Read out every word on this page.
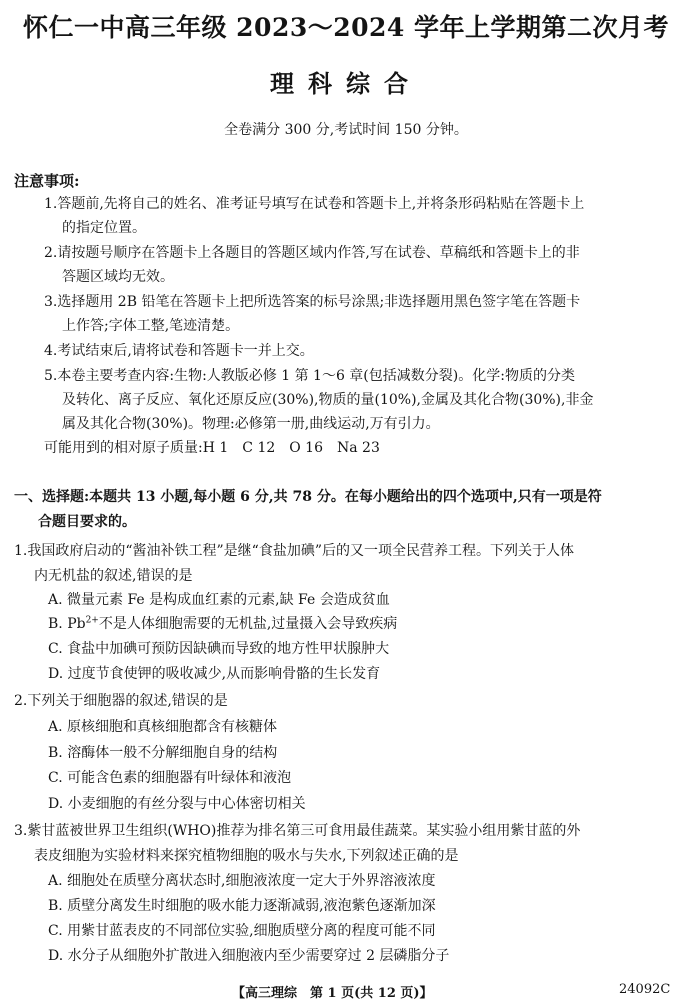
怀仁一中高三年级 2023～2024 学年上学期第二次月考
理科综合
全卷满分 300 分,考试时间 150 分钟。
注意事项:
1.答题前,先将自己的姓名、准考证号填写在试卷和答题卡上,并将条形码粘贴在答题卡上
的指定位置。
2.请按题号顺序在答题卡上各题目的答题区域内作答,写在试卷、草稿纸和答题卡上的非
答题区域均无效。
3.选择题用 2B 铅笔在答题卡上把所选答案的标号涂黑;非选择题用黑色签字笔在答题卡
上作答;字体工整,笔迹清楚。
4.考试结束后,请将试卷和答题卡一并上交。
5.本卷主要考查内容:生物:人教版必修 1 第 1～6 章(包括减数分裂)。化学:物质的分类
及转化、离子反应、氧化还原反应(30%),物质的量(10%),金属及其化合物(30%),非金
属及其化合物(30%)。物理:必修第一册,曲线运动,万有引力。
可能用到的相对原子质量:H 1　C 12　O 16　Na 23
一、选择题:本题共 13 小题,每小题 6 分,共 78 分。在每小题给出的四个选项中,只有一项是符
合题目要求的。
1.我国政府启动的“酱油补铁工程”是继“食盐加碘”后的又一项全民营养工程。下列关于人体
内无机盐的叙述,错误的是
A. 微量元素 Fe 是构成血红素的元素,缺 Fe 会造成贫血
B. $Pb^{2+}$不是人体细胞需要的无机盐,过量摄入会导致疾病
C. 食盐中加碘可预防因缺碘而导致的地方性甲状腺肿大
D. 过度节食使钾的吸收减少,从而影响骨骼的生长发育
2.下列关于细胞器的叙述,错误的是
A. 原核细胞和真核细胞都含有核糖体
B. 溶酶体一般不分解细胞自身的结构
C. 可能含色素的细胞器有叶绿体和液泡
D. 小麦细胞的有丝分裂与中心体密切相关
3.紫甘蓝被世界卫生组织(WHO)推荐为排名第三可食用最佳蔬菜。某实验小组用紫甘蓝的外
表皮细胞为实验材料来探究植物细胞的吸水与失水,下列叙述正确的是
A. 细胞处在质壁分离状态时,细胞液浓度一定大于外界溶液浓度
B. 质壁分离发生时细胞的吸水能力逐渐减弱,液泡紫色逐渐加深
C. 用紫甘蓝表皮的不同部位实验,细胞质壁分离的程度可能不同
D. 水分子从细胞外扩散进入细胞液内至少需要穿过 2 层磷脂分子
【高三理综　第 1 页(共 12 页)】	24092C
